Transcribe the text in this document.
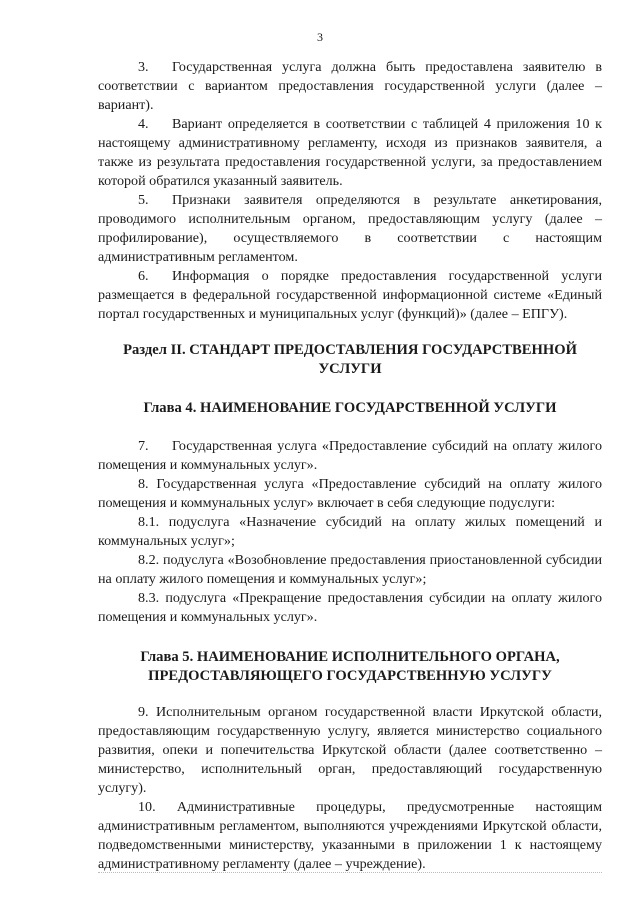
3

3. Государственная услуга должна быть предоставлена заявителю в соответствии с вариантом предоставления государственной услуги (далее – вариант).

4. Вариант определяется в соответствии с таблицей 4 приложения 10 к настоящему административному регламенту, исходя из признаков заявителя, а также из результата предоставления государственной услуги, за предоставлением которой обратился указанный заявитель.

5. Признаки заявителя определяются в результате анкетирования, проводимого исполнительным органом, предоставляющим услугу (далее – профилирование), осуществляемого в соответствии с настоящим административным регламентом.

6. Информация о порядке предоставления государственной услуги размещается в федеральной государственной информационной системе «Единый портал государственных и муниципальных услуг (функций)» (далее – ЕПГУ).

Раздел II. СТАНДАРТ ПРЕДОСТАВЛЕНИЯ ГОСУДАРСТВЕННОЙ УСЛУГИ
Глава 4. НАИМЕНОВАНИЕ ГОСУДАРСТВЕННОЙ УСЛУГИ

7. Государственная услуга «Предоставление субсидий на оплату жилого помещения и коммунальных услуг».

8. Государственная услуга «Предоставление субсидий на оплату жилого помещения и коммунальных услуг» включает в себя следующие подуслуги:

8.1. подуслуга «Назначение субсидий на оплату жилых помещений и коммунальных услуг»;

8.2. подуслуга «Возобновление предоставления приостановленной субсидии на оплату жилого помещения и коммунальных услуг»;

8.3. подуслуга «Прекращение предоставления субсидии на оплату жилого помещения и коммунальных услуг».

Глава 5. НАИМЕНОВАНИЕ ИСПОЛНИТЕЛЬНОГО ОРГАНА, ПРЕДОСТАВЛЯЮЩЕГО ГОСУДАРСТВЕННУЮ УСЛУГУ

9. Исполнительным органом государственной власти Иркутской области, предоставляющим государственную услугу, является министерство социального развития, опеки и попечительства Иркутской области (далее соответственно – министерство, исполнительный орган, предоставляющий государственную услугу).

10. Административные процедуры, предусмотренные настоящим административным регламентом, выполняются учреждениями Иркутской области, подведомственными министерству, указанными в приложении 1 к настоящему административному регламенту (далее – учреждение).
